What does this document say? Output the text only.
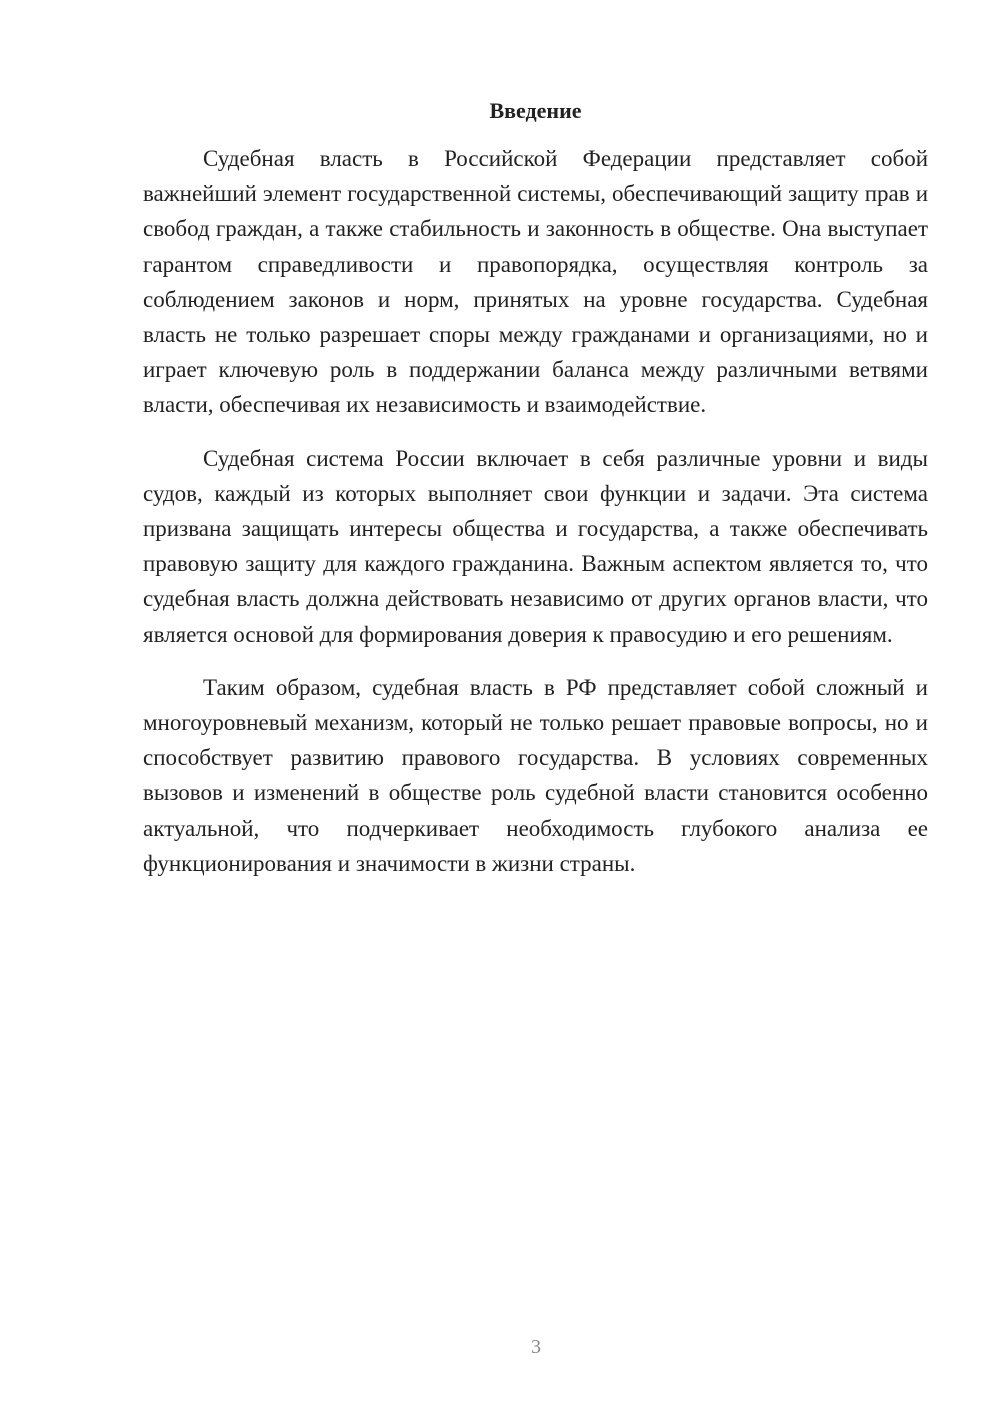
Введение

Судебная власть в Российской Федерации представляет собой важнейший элемент государственной системы, обеспечивающий защиту прав и свобод граждан, а также стабильность и законность в обществе. Она выступает гарантом справедливости и правопорядка, осуществляя контроль за соблюдением законов и норм, принятых на уровне государства. Судебная власть не только разрешает споры между гражданами и организациями, но и играет ключевую роль в поддержании баланса между различными ветвями власти, обеспечивая их независимость и взаимодействие.

Судебная система России включает в себя различные уровни и виды судов, каждый из которых выполняет свои функции и задачи. Эта система призвана защищать интересы общества и государства, а также обеспечивать правовую защиту для каждого гражданина. Важным аспектом является то, что судебная власть должна действовать независимо от других органов власти, что является основой для формирования доверия к правосудию и его решениям.

Таким образом, судебная власть в РФ представляет собой сложный и многоуровневый механизм, который не только решает правовые вопросы, но и способствует развитию правового государства. В условиях современных вызовов и изменений в обществе роль судебной власти становится особенно актуальной, что подчеркивает необходимость глубокого анализа ее функционирования и значимости в жизни страны.

3
